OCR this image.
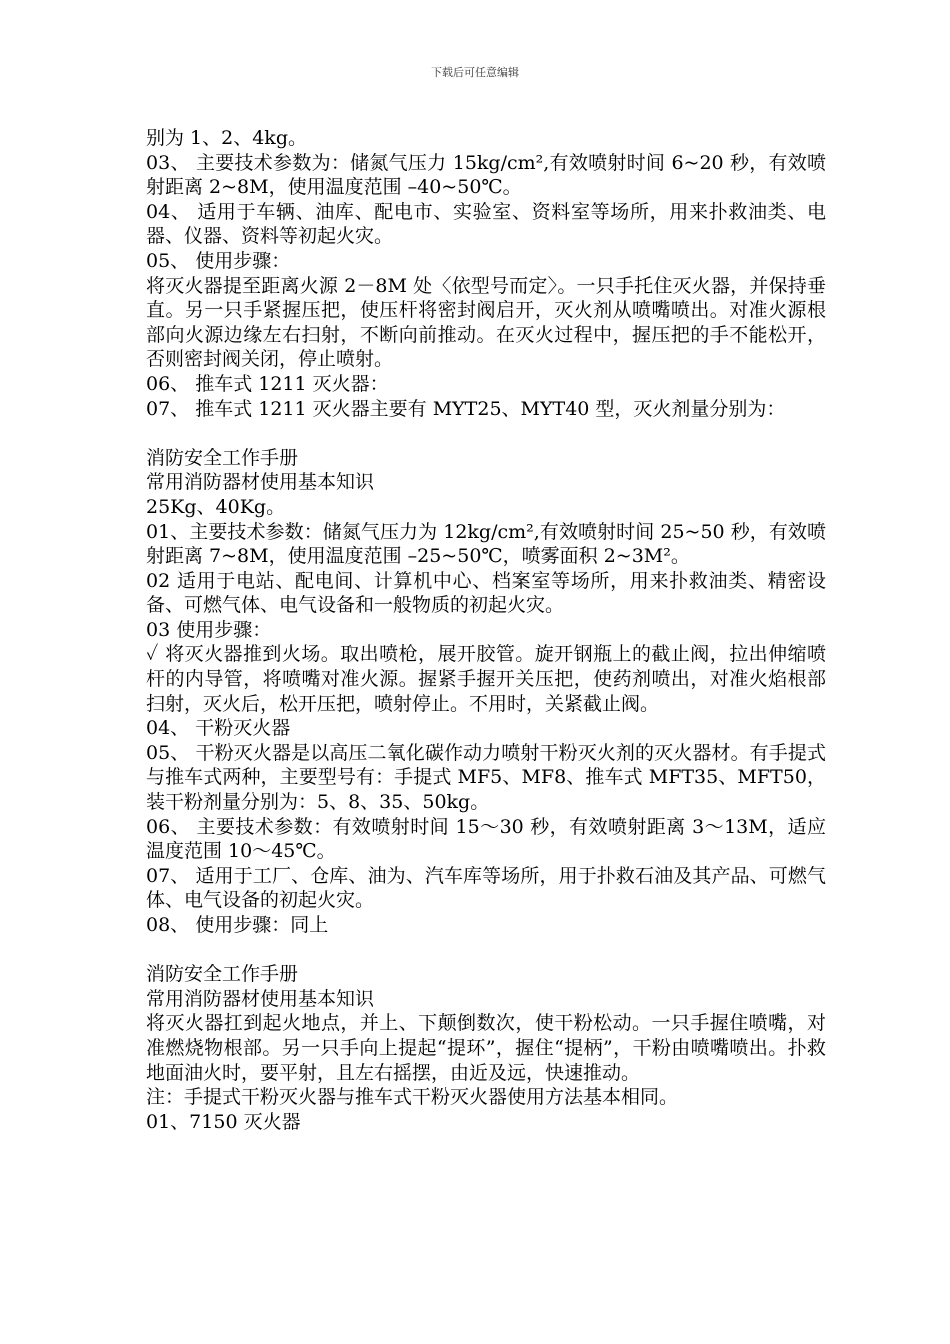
下载后可任意编辑

别为 1、2、4kg。

03、 主要技术参数为：储氮气压力 15kg/cm²,有效喷射时间 6~20 秒，有效喷射距离 2~8M，使用温度范围 –40~50℃。

04、 适用于车辆、油库、配电市、实验室、资料室等场所，用来扑救油类、电器、仪器、资料等初起火灾。

05、 使用步骤：

将灭火器提至距离火源 2－8M 处〈依型号而定〉。一只手托住灭火器，并保持垂直。另一只手紧握压把，使压杆将密封阀启开，灭火剂从喷嘴喷出。对准火源根部向火源边缘左右扫射，不断向前推动。在灭火过程中，握压把的手不能松开，否则密封阀关闭，停止喷射。

06、 推车式 1211 灭火器：

07、 推车式 1211 灭火器主要有 MYT25、MYT40 型，灭火剂量分别为：

消防安全工作手册

常用消防器材使用基本知识

25Kg、40Kg。

01、主要技术参数：储氮气压力为 12kg/cm²,有效喷射时间 25~50 秒，有效喷射距离 7~8M，使用温度范围 –25~50℃，喷雾面积 2~3M²。

02 适用于电站、配电间、计算机中心、档案室等场所，用来扑救油类、精密设备、可燃气体、电气设备和一般物质的初起火灾。

03 使用步骤：

✓ 将灭火器推到火场。取出喷枪，展开胶管。旋开钢瓶上的截止阀，拉出伸缩喷杆的内导管，将喷嘴对准火源。握紧手握开关压把，使药剂喷出，对准火焰根部扫射，灭火后，松开压把，喷射停止。不用时，关紧截止阀。

04、 干粉灭火器

05、 干粉灭火器是以高压二氧化碳作动力喷射干粉灭火剂的灭火器材。有手提式与推车式两种，主要型号有：手提式 MF5、MF8、推车式 MFT35、MFT50，装干粉剂量分别为：5、8、35、50kg。

06、 主要技术参数：有效喷射时间 15～30 秒，有效喷射距离 3～13M，适应温度范围 10～45℃。

07、 适用于工厂、仓库、油为、汽车库等场所，用于扑救石油及其产品、可燃气体、电气设备的初起火灾。

08、 使用步骤：同上

消防安全工作手册

常用消防器材使用基本知识

将灭火器扛到起火地点，并上、下颠倒数次，使干粉松动。一只手握住喷嘴，对准燃烧物根部。另一只手向上提起“提环”，握住“提柄”，干粉由喷嘴喷出。扑救地面油火时，要平射，且左右摇摆，由近及远，快速推动。

注：手提式干粉灭火器与推车式干粉灭火器使用方法基本相同。

01、7150 灭火器
